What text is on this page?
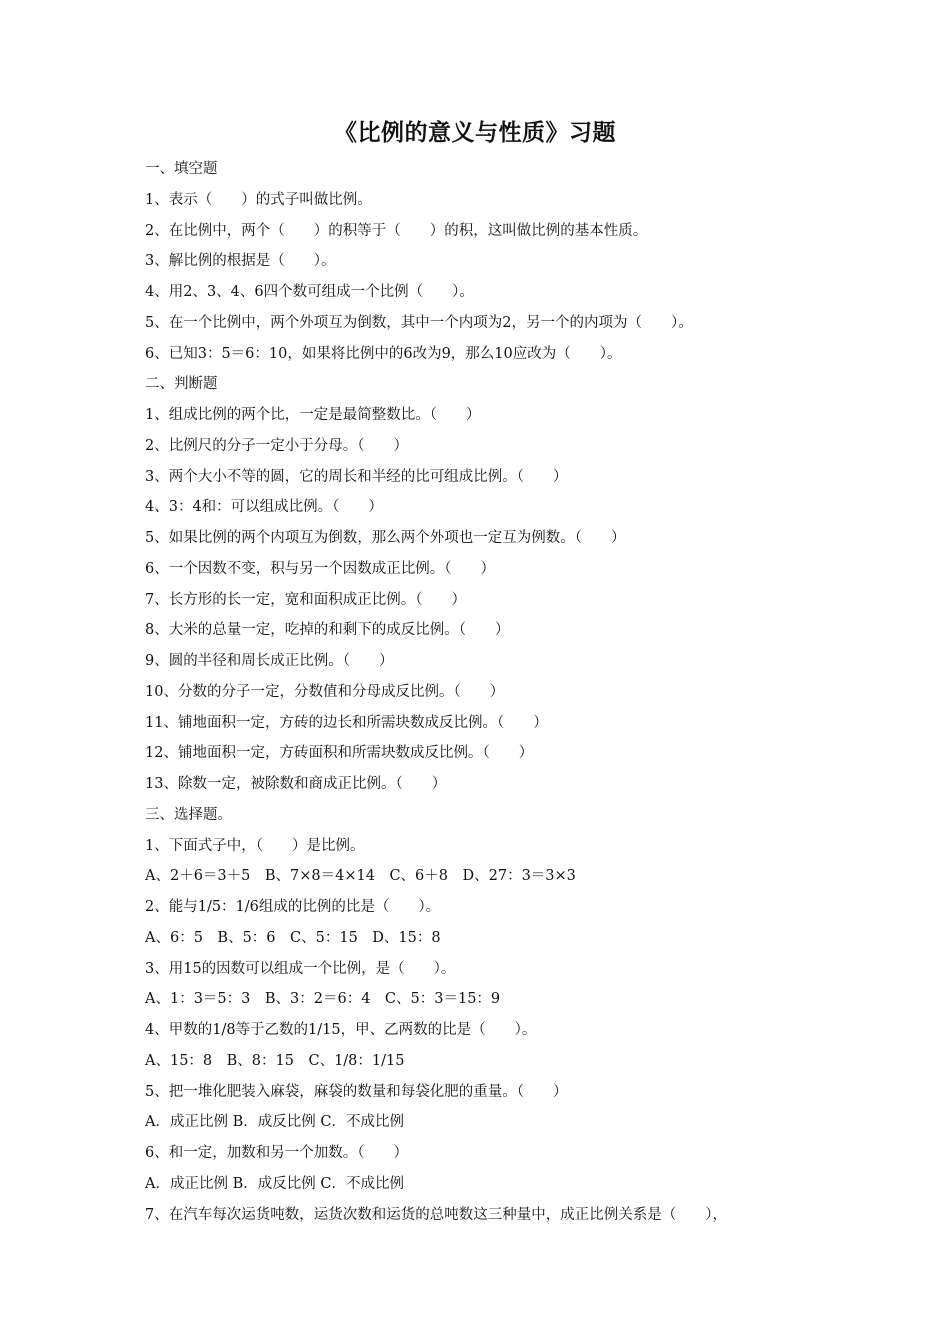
《比例的意义与性质》习题
一、填空题
1、表示（　　）的式子叫做比例。
2、在比例中，两个（　　）的积等于（　　）的积，这叫做比例的基本性质。
3、解比例的根据是（　　）。
4、用2、3、4、6四个数可组成一个比例（　　）。
5、在一个比例中，两个外项互为倒数，其中一个内项为2，另一个的内项为（　　）。
6、已知3：5＝6：10，如果将比例中的6改为9，那么10应改为（　　）。
二、判断题
1、组成比例的两个比，一定是最简整数比。（　　）
2、比例尺的分子一定小于分母。（　　）
3、两个大小不等的圆，它的周长和半经的比可组成比例。（　　）
4、3：4和：可以组成比例。（　　）
5、如果比例的两个内项互为倒数，那么两个外项也一定互为例数。（　　）
6、一个因数不变，积与另一个因数成正比例。（　　）
7、长方形的长一定，宽和面积成正比例。（　　）
8、大米的总量一定，吃掉的和剩下的成反比例。（　　）
9、圆的半径和周长成正比例。（　　）
10、分数的分子一定，分数值和分母成反比例。（　　）
11、铺地面积一定，方砖的边长和所需块数成反比例。（　　）
12、铺地面积一定，方砖面积和所需块数成反比例。（　　）
13、除数一定，被除数和商成正比例。（　　）
三、选择题。
1、下面式子中，（　　）是比例。
A、2＋6＝3＋5　B、7×8＝4×14　C、6＋8　D、27：3＝3×3
2、能与1/5：1/6组成的比例的比是（　　）。
A、6：5　B、5：6　C、5：15　D、15：8
3、用15的因数可以组成一个比例，是（　　）。
A、1：3＝5：3　B、3：2＝6：4　C、5：3＝15：9
4、甲数的1/8等于乙数的1/15，甲、乙两数的比是（　　）。
A、15：8　B、8：15　C、1/8：1/15
5、把一堆化肥装入麻袋，麻袋的数量和每袋化肥的重量。（　　）
A．成正比例 B．成反比例 C．不成比例
6、和一定，加数和另一个加数。（　　）
A．成正比例 B．成反比例 C．不成比例
7、在汽车每次运货吨数，运货次数和运货的总吨数这三种量中，成正比例关系是（　　），
